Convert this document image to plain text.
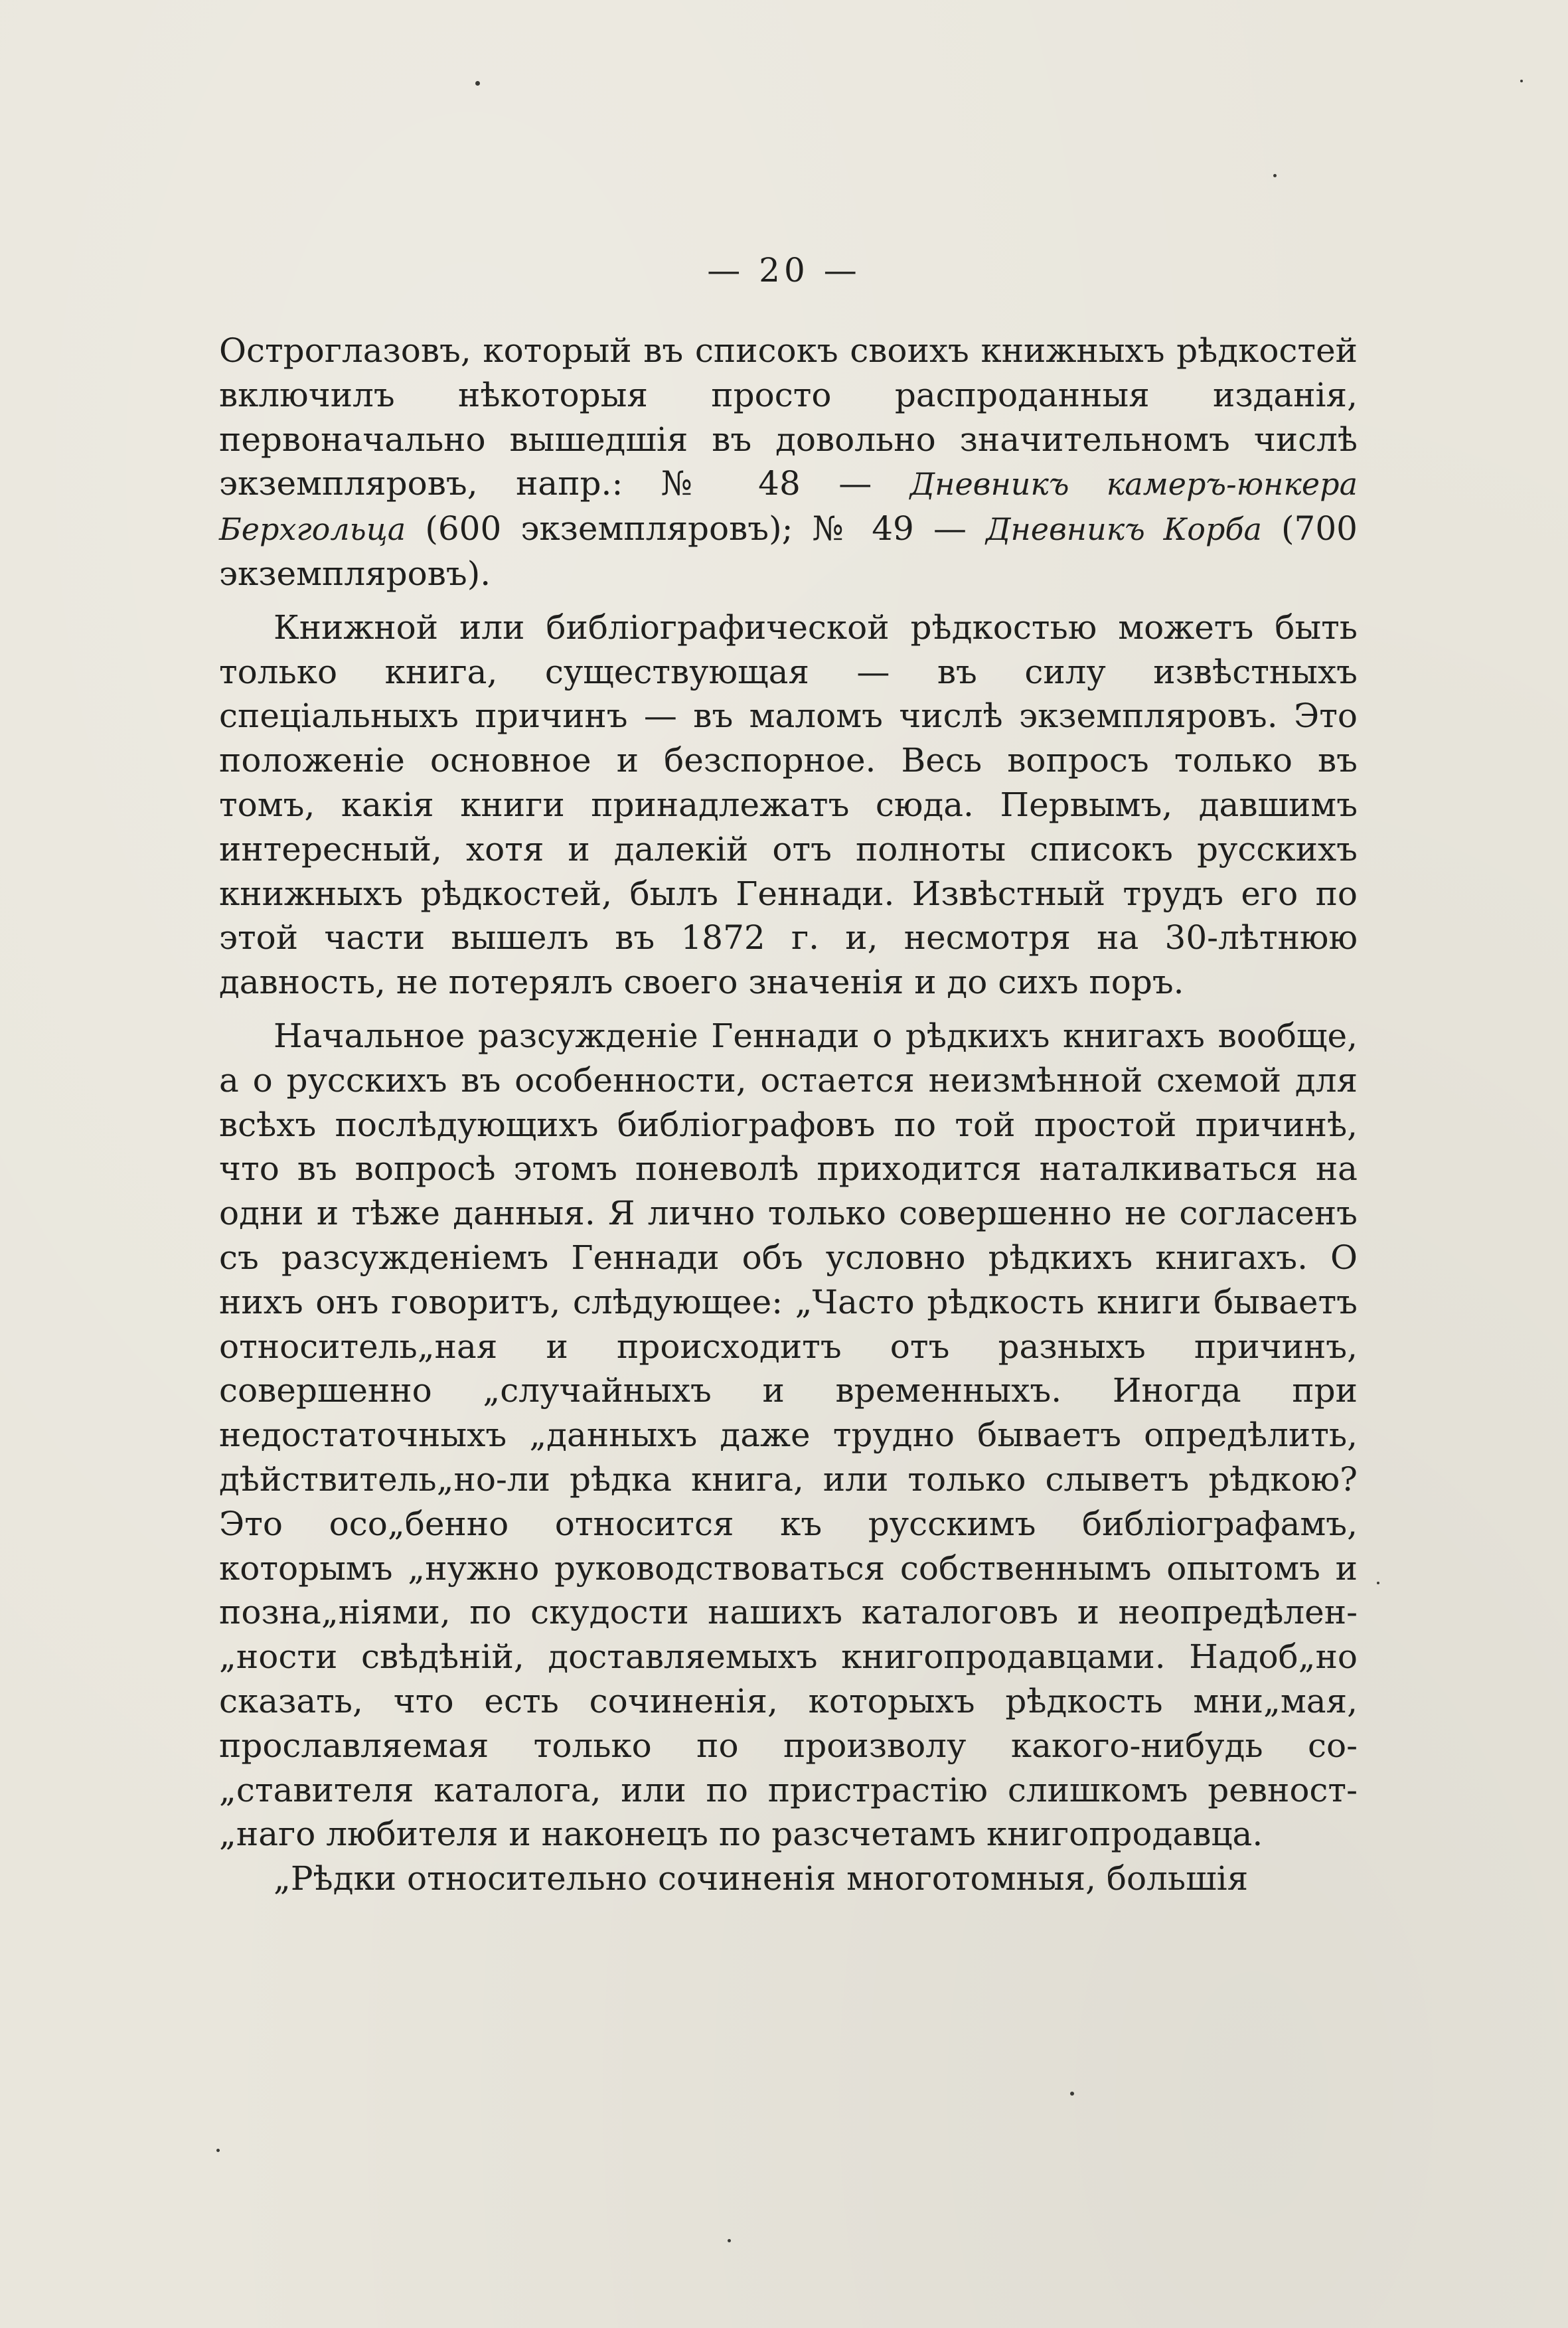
— 20 —

Остроглазовъ, который въ списокъ своихъ книжныхъ рѣдкостей включилъ нѣкоторыя просто распроданныя изданія, первоначально вышедшія въ довольно значительномъ числѣ экземпляровъ, напр.: № 48 — Дневникъ камеръ-юнкера Берхгольца (600 экземпляровъ); № 49 — Дневникъ Корба (700 экземпляровъ).

Книжной или библіографической рѣдкостью можетъ быть только книга, существующая — въ силу извѣстныхъ спеціальныхъ причинъ — въ маломъ числѣ экземпляровъ. Это положеніе основное и безспорное. Весь вопросъ только въ томъ, какія книги принадлежатъ сюда. Первымъ, давшимъ интересный, хотя и далекій отъ полноты списокъ русскихъ книжныхъ рѣдкостей, былъ Геннади. Извѣстный трудъ его по этой части вышелъ въ 1872 г. и, несмотря на 30-лѣтнюю давность, не потерялъ своего значенія и до сихъ поръ.

Начальное разсужденіе Геннади о рѣдкихъ книгахъ вообще, а о русскихъ въ особенности, остается неизмѣнной схемой для всѣхъ послѣдующихъ библіографовъ по той простой причинѣ, что въ вопросѣ этомъ поневолѣ приходится наталкиваться на одни и тѣже данныя. Я лично только совершенно не согласенъ съ разсужденіемъ Геннади объ условно рѣдкихъ книгахъ. О нихъ онъ говоритъ, слѣдующее: „Часто рѣдкость книги бываетъ относитель„ная и происходитъ отъ разныхъ причинъ, совершенно „случайныхъ и временныхъ. Иногда при недостаточныхъ „данныхъ даже трудно бываетъ опредѣлить, дѣйствитель„но-ли рѣдка книга, или только слыветъ рѣдкою? Это осо„бенно относится къ русскимъ библіографамъ, которымъ „нужно руководствоваться собственнымъ опытомъ и позна„ніями, по скудости нашихъ каталоговъ и неопредѣлен„ности свѣдѣній, доставляемыхъ книгопродавцами. Надоб„но сказать, что есть сочиненія, которыхъ рѣдкость мни„мая, прославляемая только по произволу какого-нибудь со„ставителя каталога, или по пристрастію слишкомъ ревност„наго любителя и наконецъ по разсчетамъ книгопродавца.

„Рѣдки относительно сочиненія многотомныя, большія
